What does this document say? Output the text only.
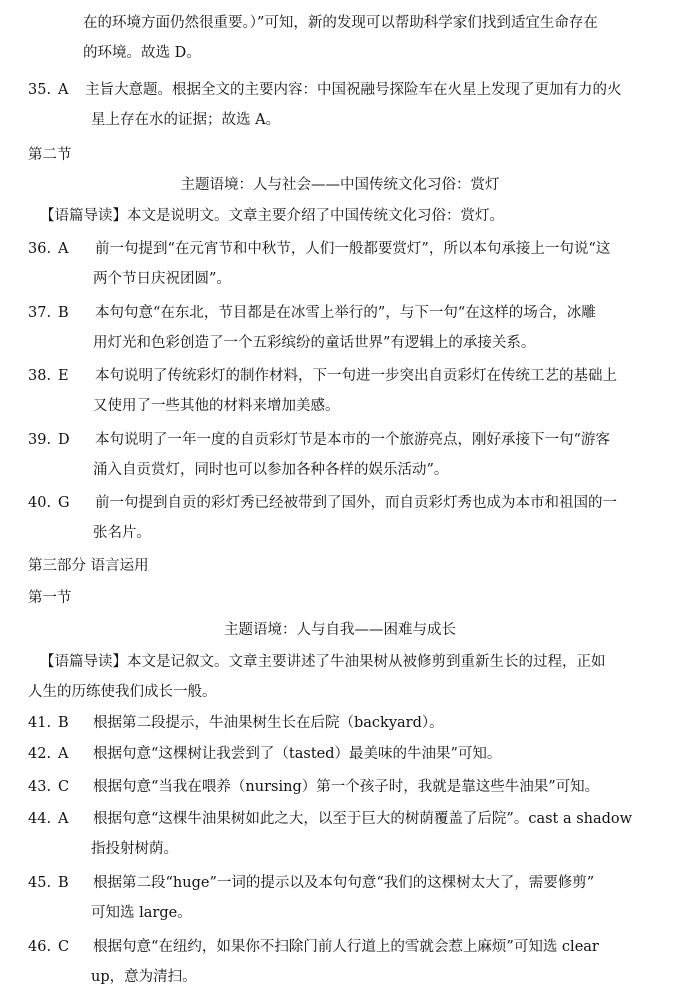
在的环境方面仍然很重要。）”可知，新的发现可以帮助科学家们找到适宜生命存在
的环境。故选 D。
35. A 主旨大意题。根据全文的主要内容：中国祝融号探险车在火星上发现了更加有力的火
星上存在水的证据；故选 A。
第二节
主题语境：人与社会——中国传统文化习俗：赏灯
【语篇导读】本文是说明文。文章主要介绍了中国传统文化习俗：赏灯。
36. A 前一句提到“在元宵节和中秋节，人们一般都要赏灯”，所以本句承接上一句说“这
两个节日庆祝团圆”。
37. B 本句句意“在东北，节目都是在冰雪上举行的”，与下一句“在这样的场合，冰雕
用灯光和色彩创造了一个五彩缤纷的童话世界”有逻辑上的承接关系。
38. E 本句说明了传统彩灯的制作材料，下一句进一步突出自贡彩灯在传统工艺的基础上
又使用了一些其他的材料来增加美感。
39. D 本句说明了一年一度的自贡彩灯节是本市的一个旅游亮点，刚好承接下一句“游客
涌入自贡赏灯，同时也可以参加各种各样的娱乐活动”。
40. G 前一句提到自贡的彩灯秀已经被带到了国外，而自贡彩灯秀也成为本市和祖国的一
张名片。
第三部分 语言运用
第一节
主题语境：人与自我——困难与成长
【语篇导读】本文是记叙文。文章主要讲述了牛油果树从被修剪到重新生长的过程，正如
人生的历练使我们成长一般。
41. B 根据第二段提示，牛油果树生长在后院（backyard）。
42. A 根据句意“这棵树让我尝到了（tasted）最美味的牛油果”可知。
43. C 根据句意“当我在喂养（nursing）第一个孩子时，我就是靠这些牛油果”可知。
44. A 根据句意“这棵牛油果树如此之大，以至于巨大的树荫覆盖了后院”。cast a shadow
指投射树荫。
45. B 根据第二段“huge”一词的提示以及本句句意“我们的这棵树太大了，需要修剪”
可知选 large。
46. C 根据句意“在纽约，如果你不扫除门前人行道上的雪就会惹上麻烦”可知选 clear
up，意为清扫。
